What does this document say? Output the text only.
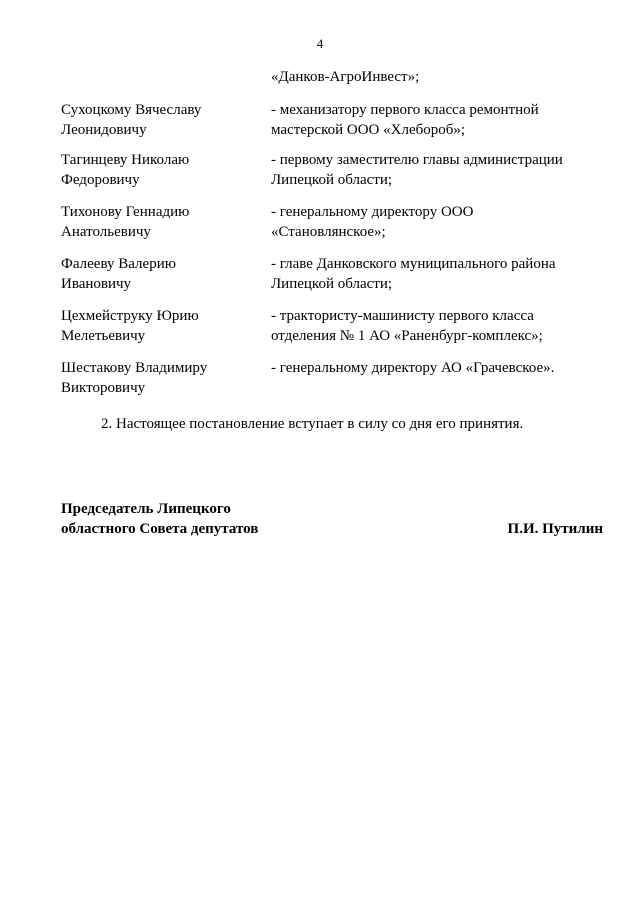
4
«Данков-АгроИнвест»;
Сухоцкому Вячеславу
Леонидовичу
- механизатору первого класса ремонтной
мастерской ООО «Хлебороб»;
Тагинцеву Николаю
Федоровичу
- первому заместителю главы администрации
Липецкой области;
Тихонову Геннадию
Анатольевичу
- генеральному директору ООО
«Становлянское»;
Фалееву Валерию
Ивановичу
- главе Данковского муниципального района
Липецкой области;
Цехмейструку Юрию
Мелетьевичу
- трактористу-машинисту первого класса
отделения № 1 АО «Раненбург-комплекс»;
Шестакову Владимиру
Викторовичу
- генеральному директору АО «Грачевское».
2. Настоящее постановление вступает в силу со дня его принятия.
Председатель Липецкого
областного Совета депутатов	П.И. Путилин
